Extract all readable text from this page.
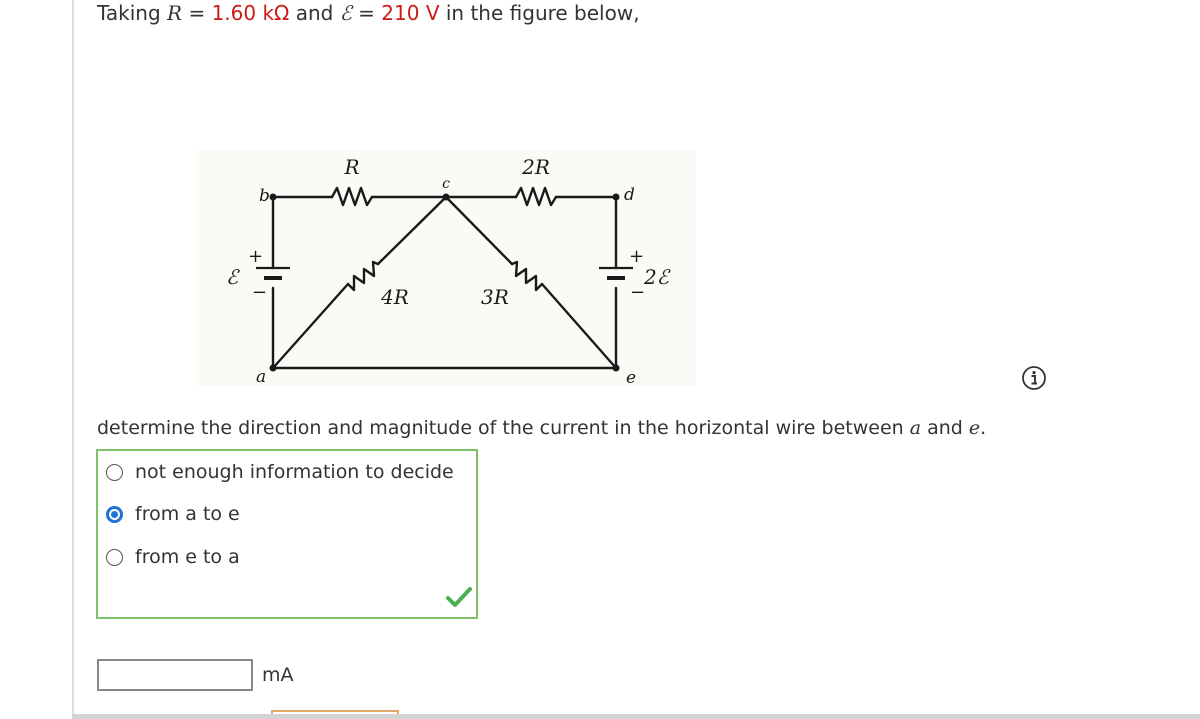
Taking R = 1.60 kΩ and ℰ = 210 V in the figure below,
b
c
d
a	e
R	2R
4R	3R
ℰ	2ℰ
+
−
+
−
determine the direction and magnitude of the current in the horizontal wire between a and e.
not enough information to decide
from a to e
from e to a
mA
